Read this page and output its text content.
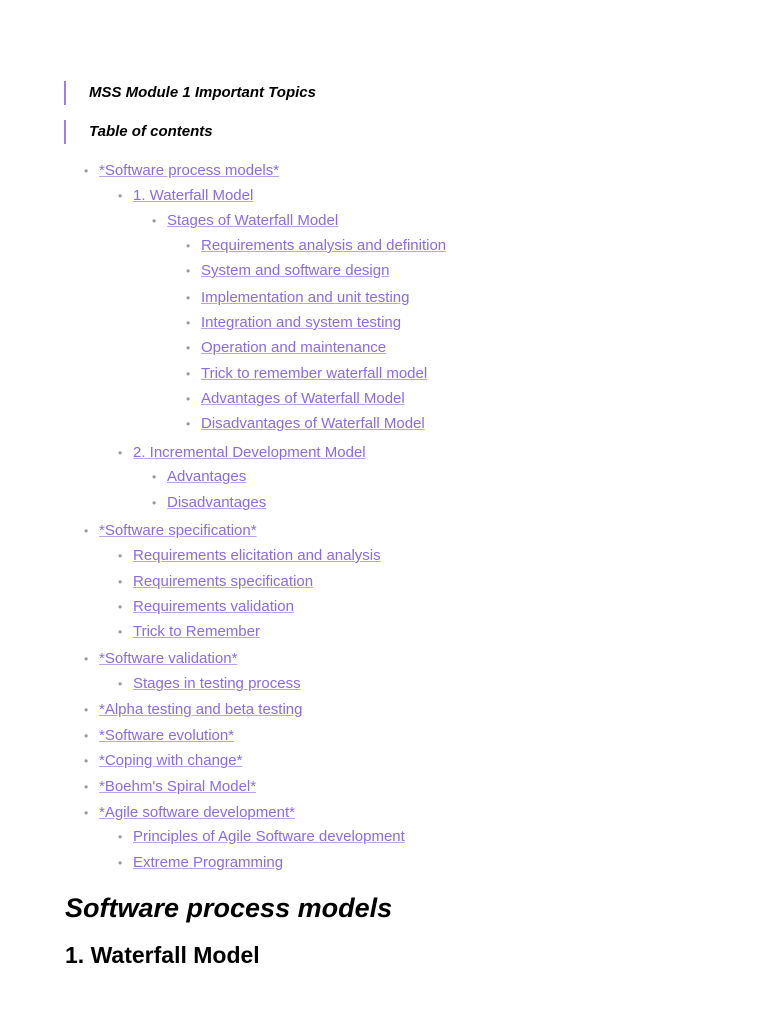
MSS Module 1 Important Topics
Table of contents
• *Software process models*
• 1. Waterfall Model
• Stages of Waterfall Model
• Requirements analysis and definition
• System and software design
• Implementation and unit testing
• Integration and system testing
• Operation and maintenance
• Trick to remember waterfall model
• Advantages of Waterfall Model
• Disadvantages of Waterfall Model
• 2. Incremental Development Model
• Advantages
• Disadvantages
• *Software specification*
• Requirements elicitation and analysis
• Requirements specification
• Requirements validation
• Trick to Remember
• *Software validation*
• Stages in testing process
• *Alpha testing and beta testing
• *Software evolution*
• *Coping with change*
• *Boehm's Spiral Model*
• *Agile software development*
• Principles of Agile Software development
• Extreme Programming
Software process models
1. Waterfall Model
